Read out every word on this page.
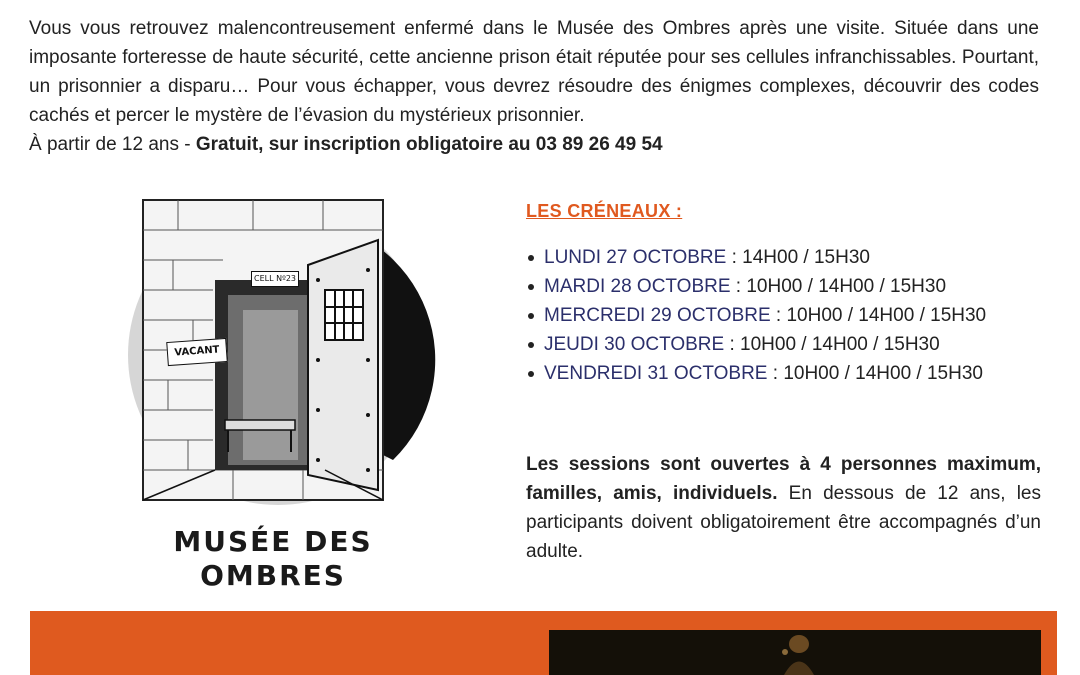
Vous vous retrouvez malencontreusement enfermé dans le Musée des Ombres après une visite. Située dans une imposante forteresse de haute sécurité, cette ancienne prison était réputée pour ses cellules infranchissables. Pourtant, un prisonnier a disparu… Pour vous échapper, vous devrez résoudre des énigmes complexes, découvrir des codes cachés et percer le mystère de l’évasion du mystérieux prisonnier.

À partir de 12 ans - Gratuit, sur inscription obligatoire au 03 89 26 49 54

VACANT
CELL Nº23
MUSÉE DES
OMBRES
LES CRÉNEAUX :
LUNDI 27 OCTOBRE : 14H00 / 15H30
MARDI 28 OCTOBRE : 10H00 / 14H00 / 15H30
MERCREDI 29 OCTOBRE : 10H00 / 14H00 / 15H30
JEUDI 30 OCTOBRE : 10H00 / 14H00 / 15H30
VENDREDI 31 OCTOBRE : 10H00 / 14H00 / 15H30

Les sessions sont ouvertes à 4 personnes maximum, familles, amis, individuels. En dessous de 12 ans, les participants doivent obligatoirement être accompagnés d’un adulte.
